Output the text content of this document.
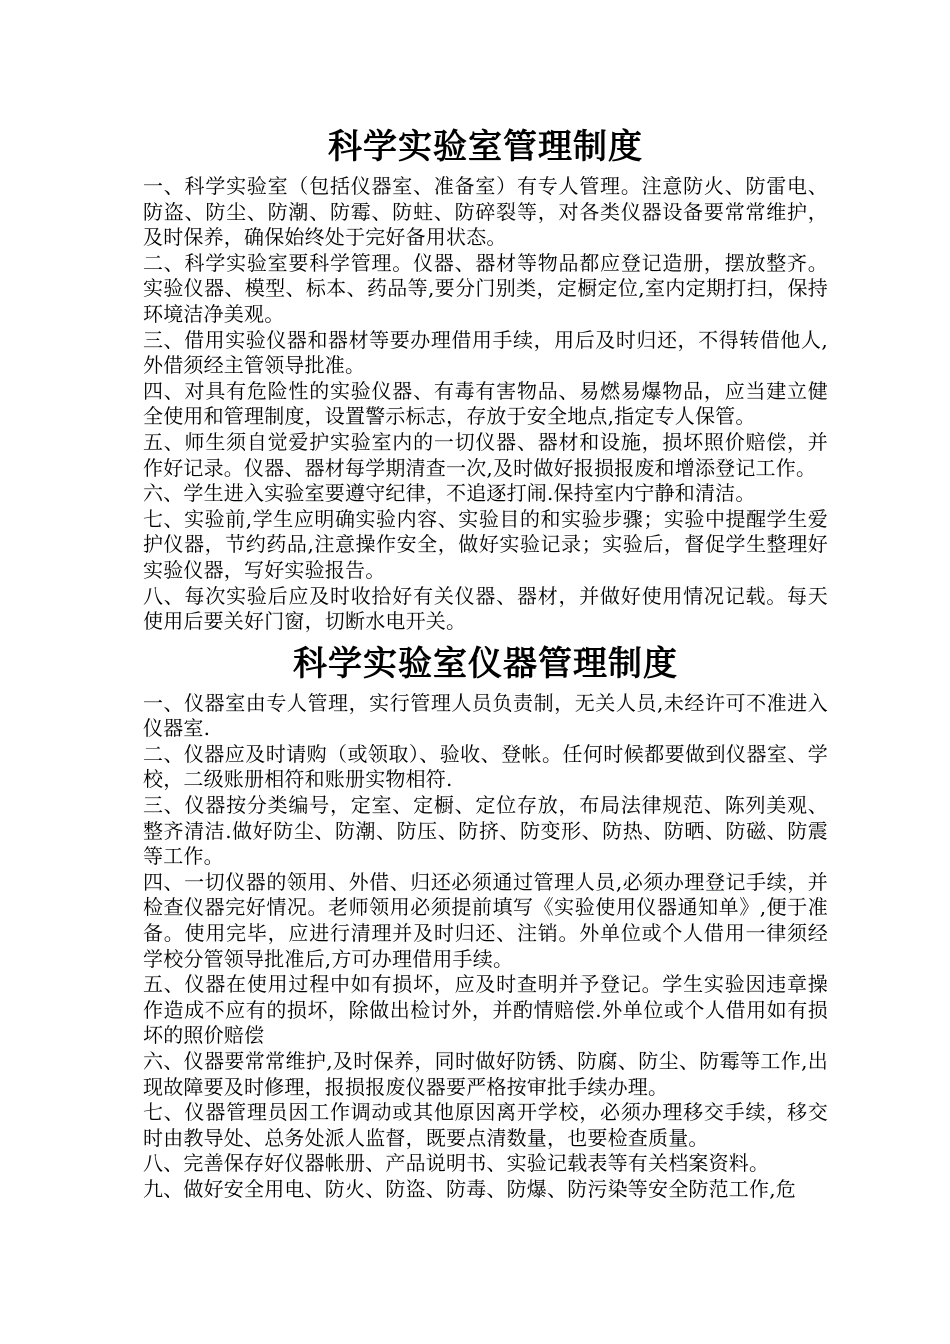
科学实验室管理制度

一、科学实验室（包括仪器室、准备室）有专人管理。注意防火、防雷电、防盗、防尘、防潮、防霉、防蛀、防碎裂等，对各类仪器设备要常常维护，及时保养，确保始终处于完好备用状态。

二、科学实验室要科学管理。仪器、器材等物品都应登记造册，摆放整齐。实验仪器、模型、标本、药品等,要分门别类，定橱定位,室内定期打扫，保持环境洁净美观。

三、借用实验仪器和器材等要办理借用手续，用后及时归还，不得转借他人,外借须经主管领导批准。

四、对具有危险性的实验仪器、有毒有害物品、易燃易爆物品，应当建立健全使用和管理制度，设置警示标志，存放于安全地点,指定专人保管。

五、师生须自觉爱护实验室内的一切仪器、器材和设施，损坏照价赔偿，并作好记录。仪器、器材每学期清查一次,及时做好报损报废和增添登记工作。

六、学生进入实验室要遵守纪律，不追逐打闹.保持室内宁静和清洁。

七、实验前,学生应明确实验内容、实验目的和实验步骤；实验中提醒学生爱护仪器，节约药品,注意操作安全，做好实验记录；实验后，督促学生整理好实验仪器，写好实验报告。

八、每次实验后应及时收拾好有关仪器、器材，并做好使用情况记载。每天使用后要关好门窗，切断水电开关。

科学实验室仪器管理制度

一、仪器室由专人管理，实行管理人员负责制，无关人员,未经许可不准进入仪器室.

二、仪器应及时请购（或领取）、验收、登帐。任何时候都要做到仪器室、学校，二级账册相符和账册实物相符.

三、仪器按分类编号，定室、定橱、定位存放，布局法律规范、陈列美观、整齐清洁.做好防尘、防潮、防压、防挤、防变形、防热、防晒、防磁、防震等工作。

四、一切仪器的领用、外借、归还必须通过管理人员,必须办理登记手续，并检查仪器完好情况。老师领用必须提前填写《实验使用仪器通知单》,便于准备。使用完毕，应进行清理并及时归还、注销。外单位或个人借用一律须经学校分管领导批准后,方可办理借用手续。

五、仪器在使用过程中如有损坏，应及时查明并予登记。学生实验因违章操作造成不应有的损坏，除做出检讨外，并酌情赔偿.外单位或个人借用如有损坏的照价赔偿

六、仪器要常常维护,及时保养，同时做好防锈、防腐、防尘、防霉等工作,出现故障要及时修理，报损报废仪器要严格按审批手续办理。

七、仪器管理员因工作调动或其他原因离开学校，必须办理移交手续，移交时由教导处、总务处派人监督，既要点清数量，也要检查质量。

八、完善保存好仪器帐册、产品说明书、实验记载表等有关档案资料。

九、做好安全用电、防火、防盗、防毒、防爆、防污染等安全防范工作,危
